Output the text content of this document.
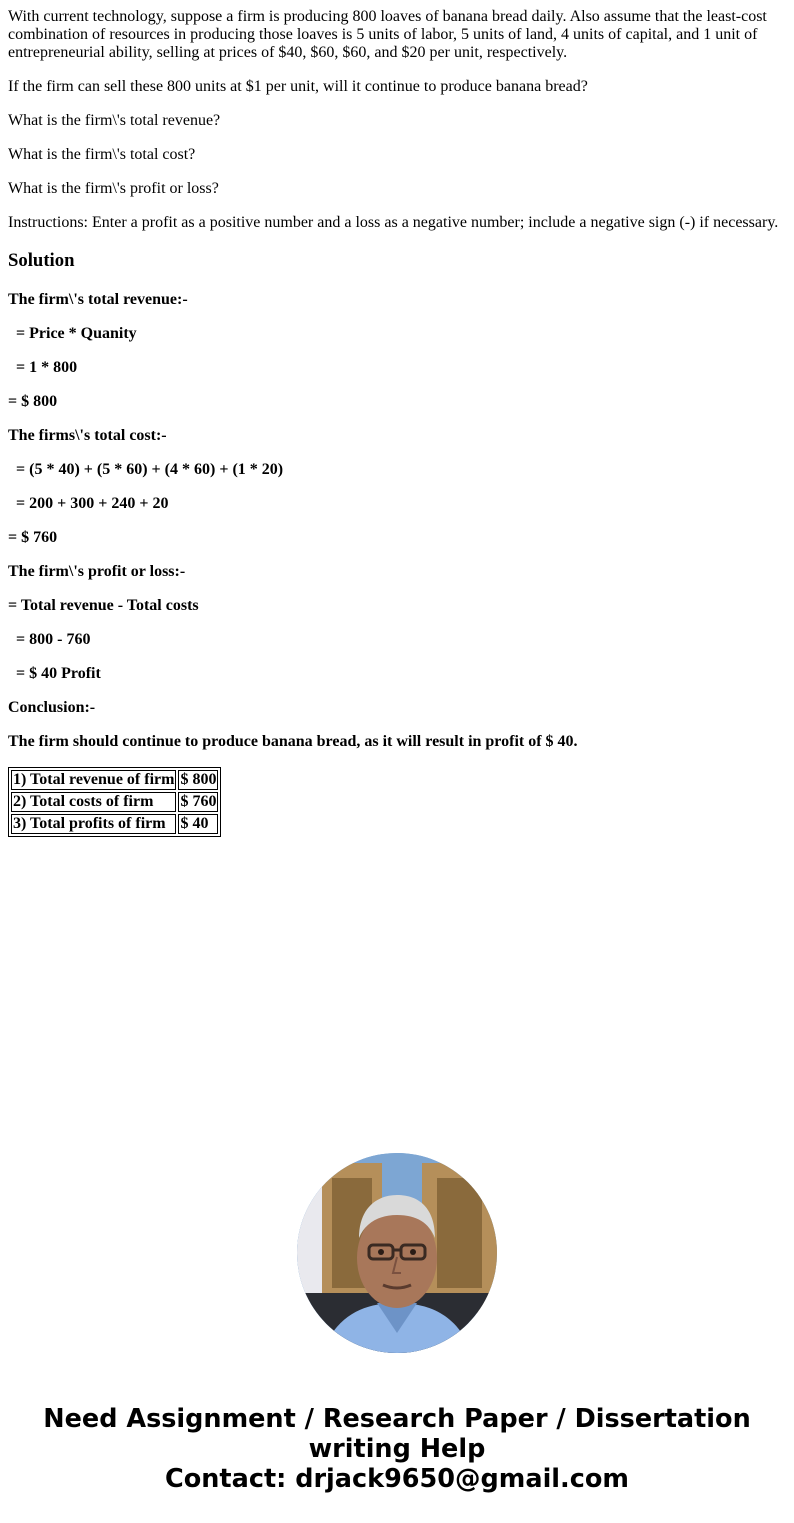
With current technology, suppose a firm is producing 800 loaves of banana bread daily. Also assume that the least-cost combination of resources in producing those loaves is 5 units of labor, 5 units of land, 4 units of capital, and 1 unit of entrepreneurial ability, selling at prices of $40, $60, $60, and $20 per unit, respectively.

If the firm can sell these 800 units at $1 per unit, will it continue to produce banana bread?

What is the firm\'s total revenue?

What is the firm\'s total cost?

What is the firm\'s profit or loss?

Instructions: Enter a profit as a positive number and a loss as a negative number; include a negative sign (-) if necessary.

Solution

The firm\'s total revenue:-

= Price * Quanity

= 1 * 800

= $ 800

The firms\'s total cost:-

= (5 * 40) + (5 * 60) + (4 * 60) + (1 * 20)

= 200 + 300 + 240 + 20

= $ 760

The firm\'s profit or loss:-

= Total revenue - Total costs

= 800 - 760

= $ 40 Profit

Conclusion:-

The firm should continue to produce banana bread, as it will result in profit of $ 40.

1) Total revenue of firm	$ 800
2) Total costs of firm	$ 760
3) Total profits of firm	$ 40
Need Assignment / Research Paper / Dissertation
writing Help
Contact: drjack9650@gmail.com
